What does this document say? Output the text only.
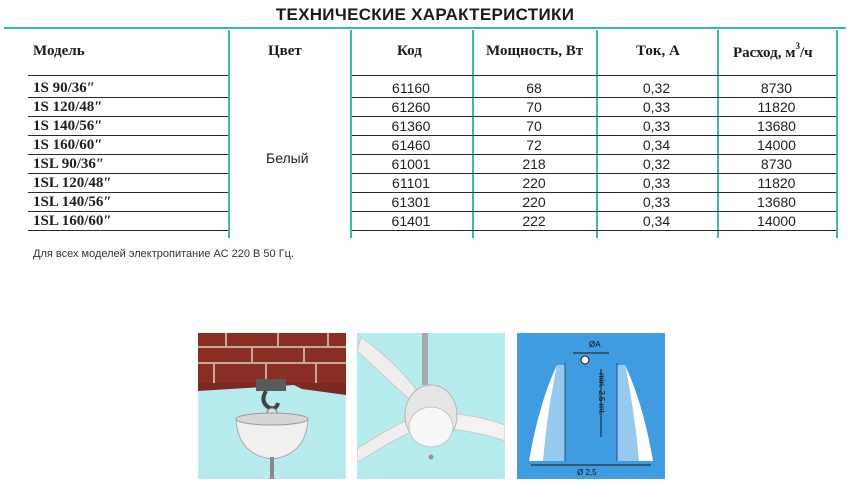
ТЕХНИЧЕСКИЕ ХАРАКТЕРИСТИКИ
Модель	Цвет	Код	Мощность, Вт	Ток, А	Расход, $м^3/ч$
Белый
1S 90/36″	61160	68	0,32	8730
1S 120/48″	61260	70	0,33	11820
1S 140/56″	61360	70	0,33	13680
1S 160/60″	61460	72	0,34	14000
1SL 90/36″	61001	218	0,32	8730
1SL 120/48″	61101	220	0,33	11820
1SL 140/56″	61301	220	0,33	13680
1SL 160/60″	61401	222	0,34	14000
Для всех моделей электропитание АС 220 В 50 Гц.
ØA
min. 2,5 mt.
Ø 2,5
